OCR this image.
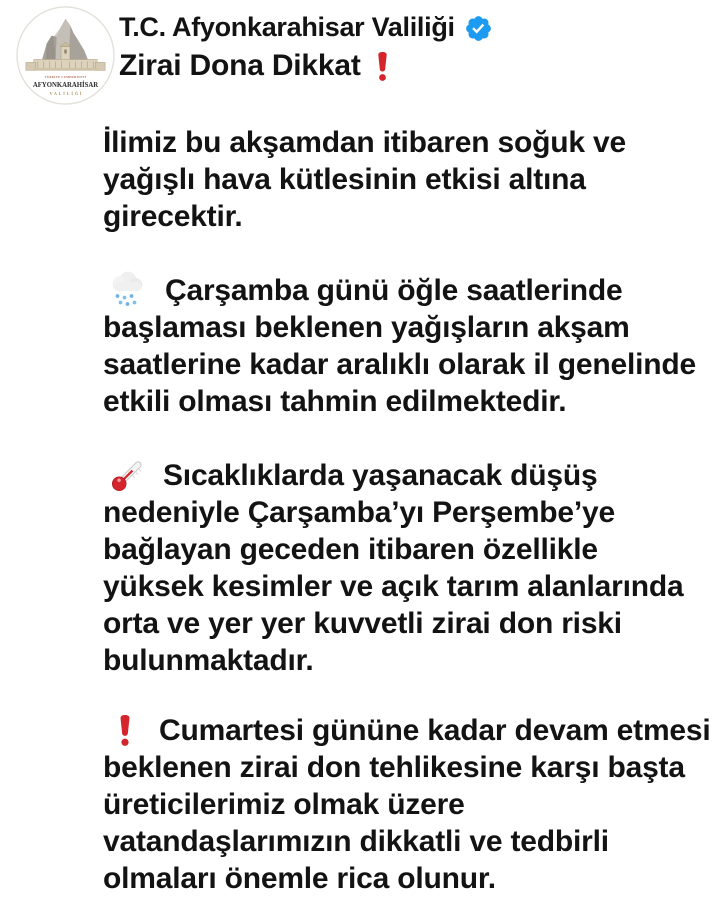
TÜRKİYE CUMHURİYETİ
AFYONKARAHİSAR
VALİLİĞİ
T.C. Afyonkarahisar Valiliği
Zirai Dona Dikkat
İlimiz bu akşamdan itibaren soğuk ve
yağışlı hava kütlesinin etkisi altına
girecektir.
Çarşamba günü öğle saatlerinde
başlaması beklenen yağışların akşam
saatlerine kadar aralıklı olarak il genelinde
etkili olması tahmin edilmektedir.
Sıcaklıklarda yaşanacak düşüş
nedeniyle Çarşamba’yı Perşembe’ye
bağlayan geceden itibaren özellikle
yüksek kesimler ve açık tarım alanlarında
orta ve yer yer kuvvetli zirai don riski
bulunmaktadır.
Cumartesi gününe kadar devam etmesi
beklenen zirai don tehlikesine karşı başta
üreticilerimiz olmak üzere
vatandaşlarımızın dikkatli ve tedbirli
olmaları önemle rica olunur.
